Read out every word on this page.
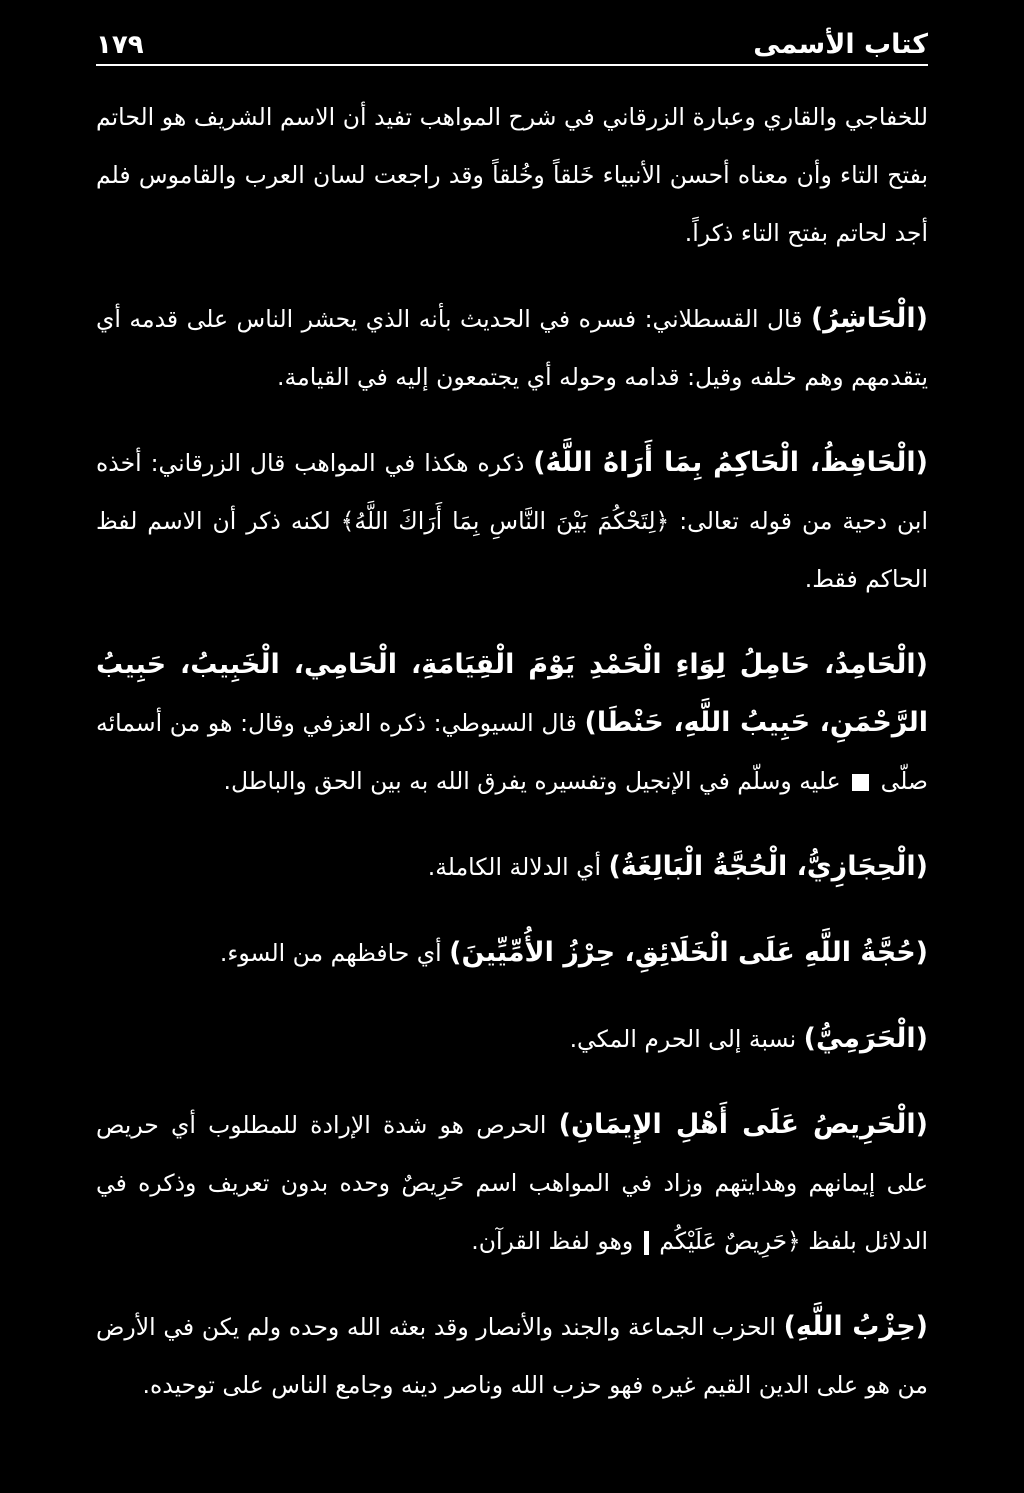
كتاب الأسمى
١٧٩

للخفاجي والقاري وعبارة الزرقاني في شرح المواهب تفيد أن الاسم الشريف هو الحاتم بفتح التاء وأن معناه أحسن الأنبياء خَلقاً وخُلقاً وقد راجعت لسان العرب والقاموس فلم أجد لحاتم بفتح التاء ذكراً.

(الْحَاشِرُ) قال القسطلاني: فسره في الحديث بأنه الذي يحشر الناس على قدمه أي يتقدمهم وهم خلفه وقيل: قدامه وحوله أي يجتمعون إليه في القيامة.

(الْحَافِظُ، الْحَاكِمُ بِمَا أَرَاهُ اللَّهُ) ذكره هكذا في المواهب قال الزرقاني: أخذه ابن دحية من قوله تعالى: ﴿لِتَحْكُمَ بَيْنَ النَّاسِ بِمَا أَرَاكَ اللَّهُ﴾ لكنه ذكر أن الاسم لفظ الحاكم فقط.

(الْحَامِدُ، حَامِلُ لِوَاءِ الْحَمْدِ يَوْمَ الْقِيَامَةِ، الْحَامِي، الْخَبِيبُ، حَبِيبُ الرَّحْمَنِ، حَبِيبُ اللَّهِ، حَنْطَا) قال السيوطي: ذكره العزفي وقال: هو من أسمائه صلّى  عليه وسلّم في الإنجيل وتفسيره يفرق الله به بين الحق والباطل.

(الْحِجَازِيُّ، الْحُجَّةُ الْبَالِغَةُ) أي الدلالة الكاملة.

(حُجَّةُ اللَّهِ عَلَى الْخَلَائِقِ، حِرْزُ الأُمِّيِّينَ) أي حافظهم من السوء.

(الْحَرَمِيُّ) نسبة إلى الحرم المكي.

(الْحَرِيصُ عَلَى أَهْلِ الإِيمَانِ) الحرص هو شدة الإرادة للمطلوب أي حريص على إيمانهم وهدايتهم وزاد في المواهب اسم حَرِيصٌ وحده بدون تعريف وذكره في الدلائل بلفظ ﴿حَرِيصٌ عَلَيْكُم  وهو لفظ القرآن.

(حِزْبُ اللَّهِ) الحزب الجماعة والجند والأنصار وقد بعثه الله وحده ولم يكن في الأرض من هو على الدين القيم غيره فهو حزب الله وناصر دينه وجامع الناس على توحيده.
